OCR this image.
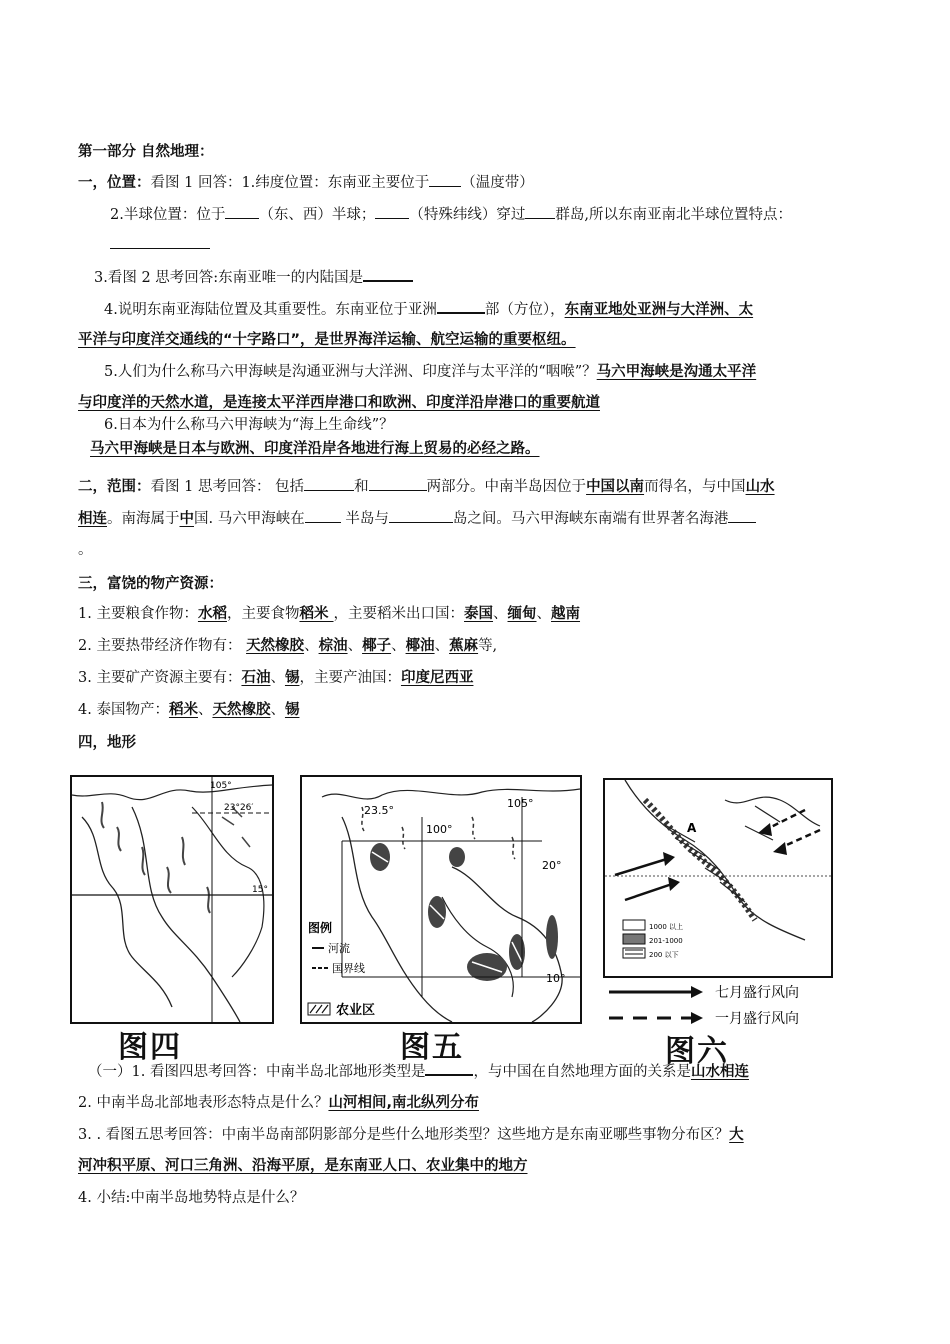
第一部分 自然地理：
一，位置：看图 1 回答：1.纬度位置：东南亚主要位于 （温度带）
2.半球位置：位于 （东、西）半球； （特殊纬线）穿过 群岛,所以东南亚南北半球位置特点：
3.看图 2 思考回答:东南亚唯一的内陆国是
4.说明东南亚海陆位置及其重要性。东南亚位于亚洲	部（方位），东南亚地处亚洲与大洋洲、太
平洋与印度洋交通线的“十字路口”，是世界海洋运输、航空运输的重要枢纽。
5.人们为什么称马六甲海峡是沟通亚洲与大洋洲、印度洋与太平洋的“咽喉”？马六甲海峡是沟通太平洋
与印度洋的天然水道，是连接太平洋西岸港口和欧洲、印度洋沿岸港口的重要航道
6.日本为什么称马六甲海峡为“海上生命线”？
马六甲海峡是日本与欧洲、印度洋沿岸各地进行海上贸易的必经之路。
二，范围：看图 1 思考回答： 包括	和	两部分。中南半岛因位于中国以南而得名，与中国山水
相连。南海属于中国. 马六甲海峡在 半岛与	岛之间。马六甲海峡东南端有世界著名海港
。
三，富饶的物产资源：
1. 主要粮食作物：水稻，主要食物稻米 ，主要稻米出口国：泰国、缅甸、越南
2. 主要热带经济作物有： 天然橡胶、棕油、椰子、椰油、蕉麻等,
3. 主要矿产资源主要有：石油、锡，主要产油国：印度尼西亚
4. 泰国物产：稻米、天然橡胶、锡
四，地形
105°
23°26′
15°
图四
23.5°
105°
100°
20°
10°
图例
河流
国界线
农业区
图五
A
1000 以上
201-1000
200 以下
七月盛行风向
一月盛行风向
图六
（一）1. 看图四思考回答：中南半岛北部地形类型是	，与中国在自然地理方面的关系是山水相连
2. 中南半岛北部地表形态特点是什么？山河相间,南北纵列分布
3. . 看图五思考回答：中南半岛南部阴影部分是些什么地形类型？这些地方是东南亚哪些事物分布区？大
河冲积平原、河口三角洲、沿海平原，是东南亚人口、农业集中的地方
4. 小结:中南半岛地势特点是什么？
